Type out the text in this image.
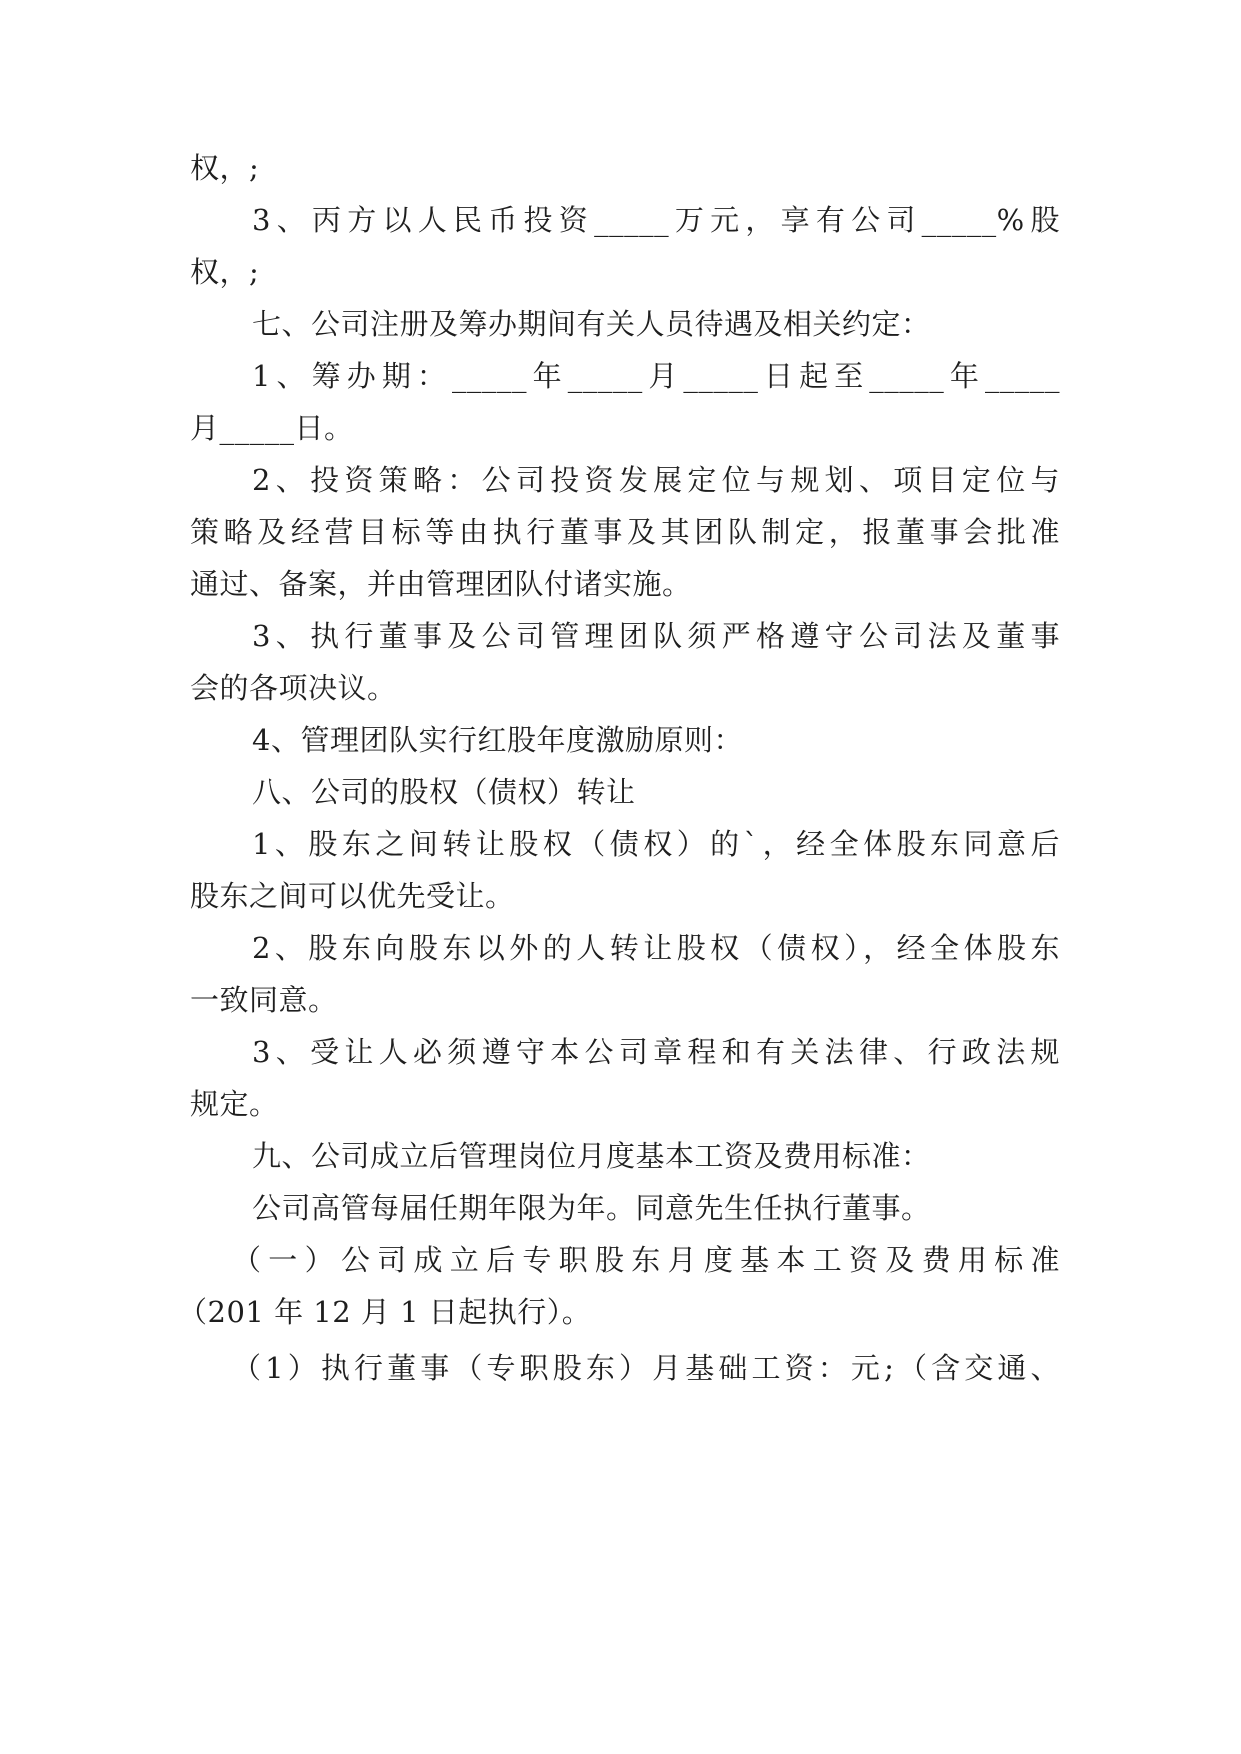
权，;
3、丙方以人民币投资_____万元，享有公司_____%股
权，;
七、公司注册及筹办期间有关人员待遇及相关约定：
1、筹办期：_____年_____月_____日起至_____年_____
月_____日。
2、投资策略：公司投资发展定位与规划、项目定位与
策略及经营目标等由执行董事及其团队制定，报董事会批准
通过、备案，并由管理团队付诸实施。
3、执行董事及公司管理团队须严格遵守公司法及董事
会的各项决议。
4、管理团队实行红股年度激励原则：
八、公司的股权（债权）转让
1、股东之间转让股权（债权）的`，经全体股东同意后
股东之间可以优先受让。
2、股东向股东以外的人转让股权（债权），经全体股东
一致同意。
3、受让人必须遵守本公司章程和有关法律、行政法规
规定。
九、公司成立后管理岗位月度基本工资及费用标准：
公司高管每届任期年限为年。同意先生任执行董事。
（一）公司成立后专职股东月度基本工资及费用标准
（201 年 12 月 1 日起执行）。
（1）执行董事（专职股东）月基础工资：元;（含交通、
